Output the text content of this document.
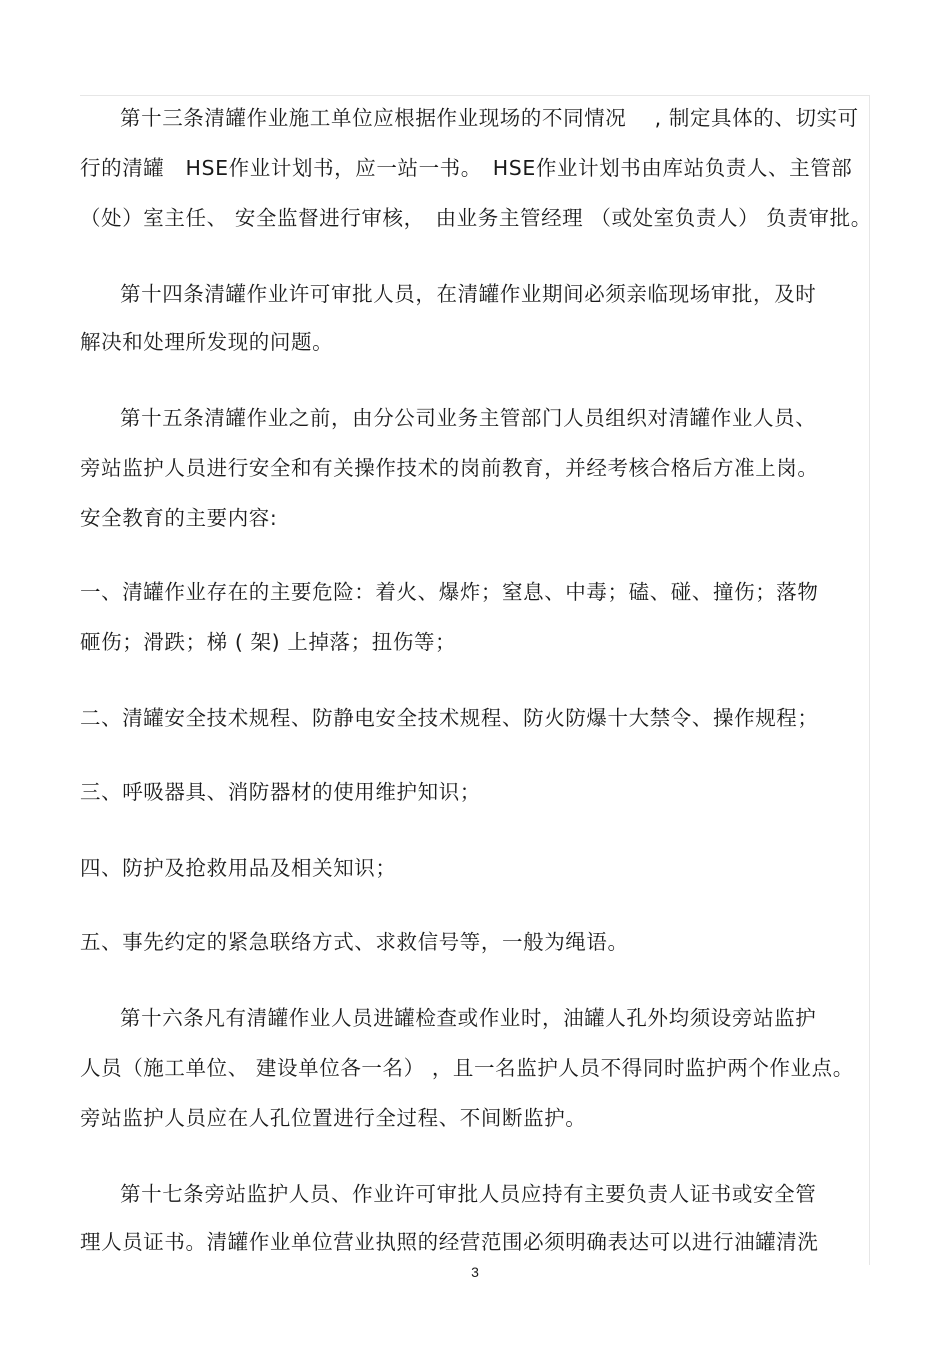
第十三条清罐作业施工单位应根据作业现场的不同情况　 , 制定具体的、切实可
行的清罐　HSE作业计划书，应一站一书。　HSE作业计划书由库站负责人、主管部
（处）室主任、 安全监督进行审核，　由业务主管经理 （或处室负责人） 负责审批。
第十四条清罐作业许可审批人员，在清罐作业期间必须亲临现场审批，及时
解决和处理所发现的问题。
第十五条清罐作业之前，由分公司业务主管部门人员组织对清罐作业人员、
旁站监护人员进行安全和有关操作技术的岗前教育，并经考核合格后方准上岗。
安全教育的主要内容:
一、清罐作业存在的主要危险：着火、爆炸；窒息、中毒；磕、碰、撞伤；落物
砸伤；滑跌；梯 ( 架) 上掉落；扭伤等；
二、清罐安全技术规程、防静电安全技术规程、防火防爆十大禁令、操作规程；
三、呼吸器具、消防器材的使用维护知识；
四、防护及抢救用品及相关知识；
五、事先约定的紧急联络方式、求救信号等，一般为绳语。
第十六条凡有清罐作业人员进罐检查或作业时，油罐人孔外均须设旁站监护
人员（施工单位、 建设单位各一名） ，且一名监护人员不得同时监护两个作业点。
旁站监护人员应在人孔位置进行全过程、不间断监护。
第十七条旁站监护人员、作业许可审批人员应持有主要负责人证书或安全管
理人员证书。清罐作业单位营业执照的经营范围必须明确表达可以进行油罐清洗
3
